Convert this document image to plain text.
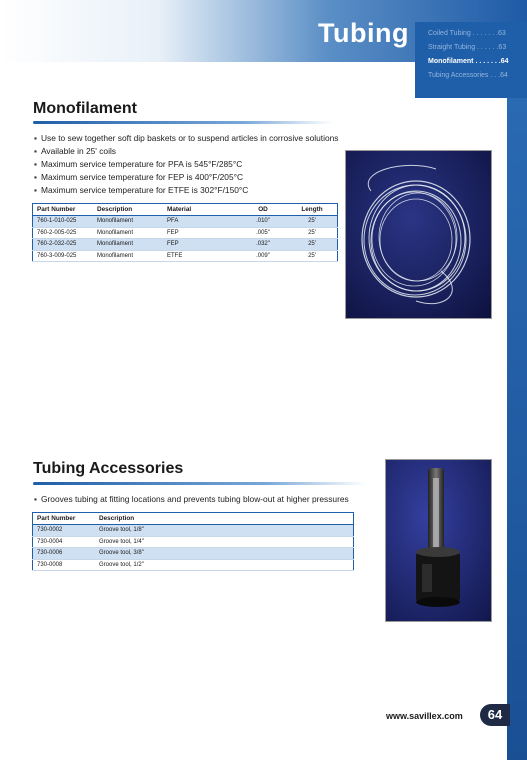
Tubing	Coiled Tubing . . . . . . .63
Straight Tubing . . . . . .63
Monofilament . . . . . . .64
Tubing Accessories . . .64
Monofilament
▪ Use to sew together soft dip baskets or to suspend articles in corrosive solutions
▪ Available in 25' coils
▪ Maximum service temperature for PFA is 545°F/285°C
▪ Maximum service temperature for FEP is 400°F/205°C
▪ Maximum service temperature for ETFE is 302°F/150°C
Part Number	Description	Material	OD	Length
760-1-010-025	Monofilament	PFA	.010"	25'
760-2-005-025	Monofilament	FEP	.005"	25'
760-2-032-025	Monofilament	FEP	.032"	25'
760-3-009-025	Monofilament	ETFE	.009"	25'
Tubing Accessories
▪ Grooves tubing at fitting locations and prevents tubing blow-out at higher pressures
Part Number	Description
730-0002	Groove tool, 1/8"
730-0004	Groove tool, 1/4"
730-0006	Groove tool, 3/8"
730-0008	Groove tool, 1/2"
www.savillex.com	64
